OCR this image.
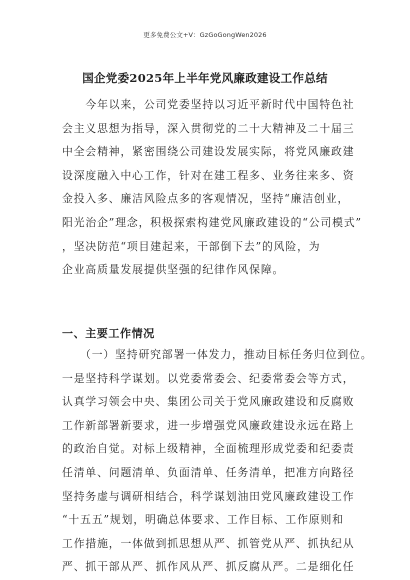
更多免费公文+V：GzGoGongWen2026
国企党委2025年上半年党风廉政建设工作总结

　　今年以来，公司党委坚持以习近平新时代中国特色社
会主义思想为指导，深入贯彻党的二十大精神及二十届三
中全会精神，紧密围绕公司建设发展实际，将党风廉政建
设深度融入中心工作，针对在建工程多、业务往来多、资
金投入多、廉洁风险点多的客观情况，坚持“廉洁创业，
阳光治企”理念，积极探索构建党风廉政建设的“公司模式”
，坚决防范“项目建起来，干部倒下去”的风险，为
企业高质量发展提供坚强的纪律作风保障。

一、主要工作情况

　　（一）坚持研究部署一体发力，推动目标任务归位到位。
一是坚持科学谋划。以党委常委会、纪委常委会等方式，
认真学习领会中央、集团公司关于党风廉政建设和反腐败
工作新部署新要求，进一步增强党风廉政建设永远在路上
的政治自觉。对标上级精神，全面梳理形成党委和纪委责
任清单、问题清单、负面清单、任务清单，把准方向路径
坚持务虚与调研相结合，科学谋划油田党风廉政建设工作
“十五五”规划，明确总体要求、工作目标、工作原则和
工作措施，一体做到抓思想从严、抓管党从严、抓执纪从
严、抓干部从严、抓作风从严、抓反腐从严。二是细化任
